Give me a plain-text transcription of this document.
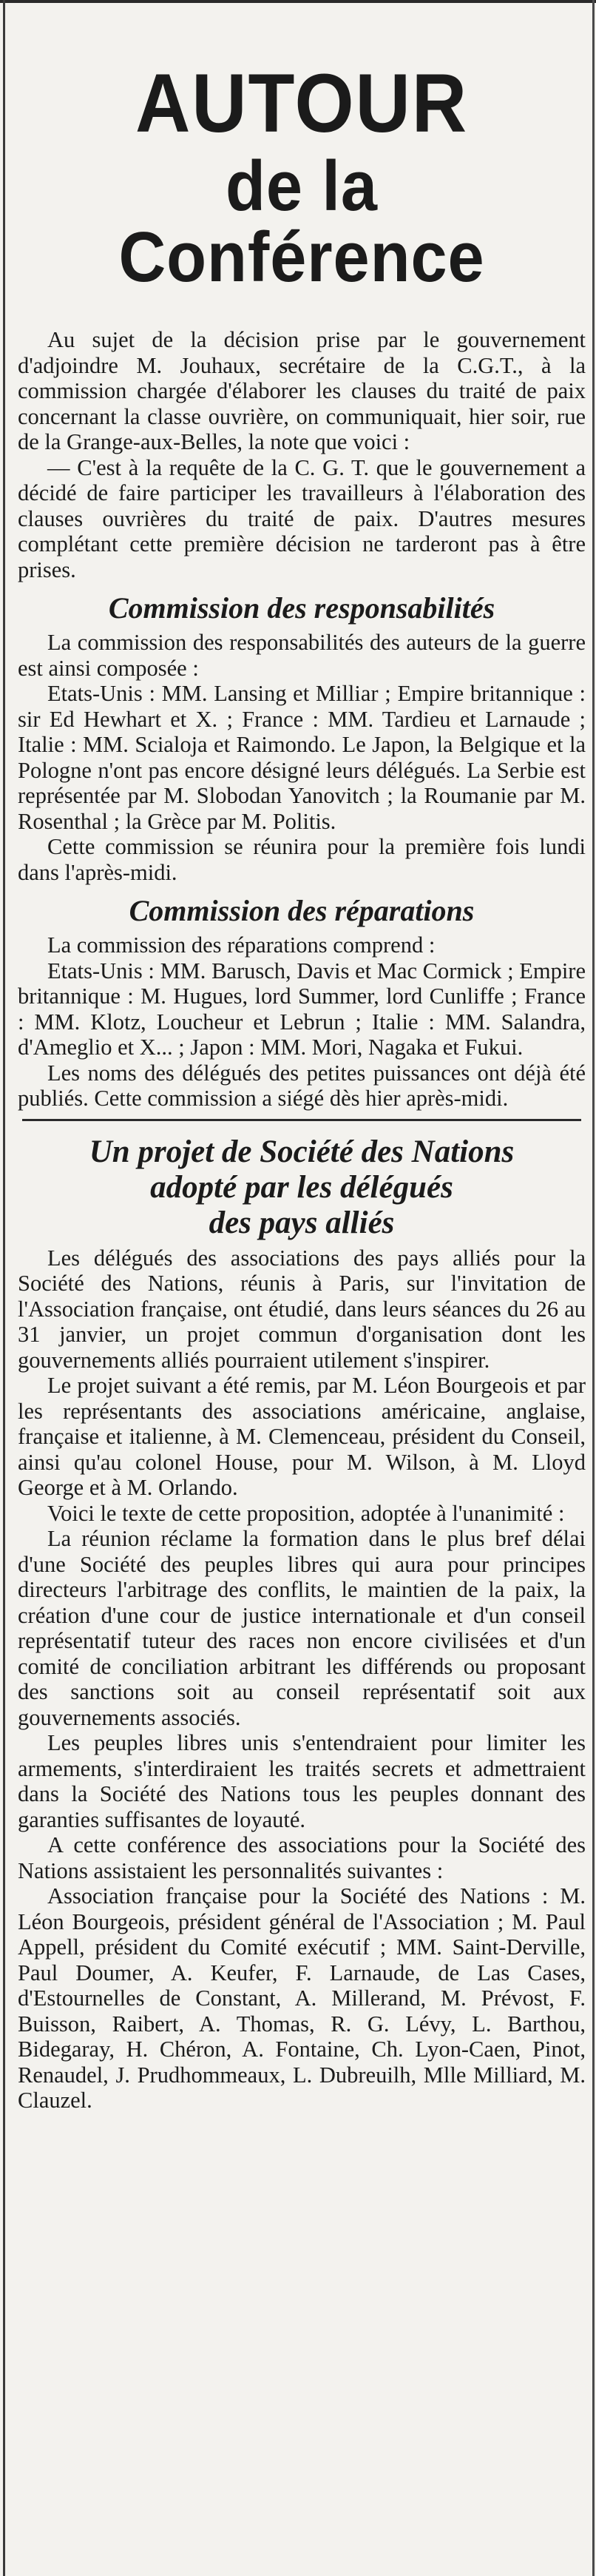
AUTOUR
de la Conférence

Au sujet de la décision prise par le gouvernement d'adjoindre M. Jouhaux, secrétaire de la C.G.T., à la commission chargée d'élaborer les clauses du traité de paix concernant la classe ouvrière, on communiquait, hier soir, rue de la Grange-aux-Belles, la note que voici :

— C'est à la requête de la C. G. T. que le gouvernement a décidé de faire participer les travailleurs à l'élaboration des clauses ouvrières du traité de paix. D'autres mesures complétant cette première décision ne tarderont pas à être prises.

Commission des responsabilités

La commission des responsabilités des auteurs de la guerre est ainsi composée :

Etats-Unis : MM. Lansing et Milliar ; Empire britannique : sir Ed Hewhart et X. ; France : MM. Tardieu et Larnaude ; Italie : MM. Scialoja et Raimondo. Le Japon, la Belgique et la Pologne n'ont pas encore désigné leurs délégués. La Serbie est représentée par M. Slobodan Yanovitch ; la Roumanie par M. Rosenthal ; la Grèce par M. Politis.

Cette commission se réunira pour la première fois lundi dans l'après-midi.

Commission des réparations

La commission des réparations comprend :

Etats-Unis : MM. Barusch, Davis et Mac Cormick ; Empire britannique : M. Hugues, lord Summer, lord Cunliffe ; France : MM. Klotz, Loucheur et Lebrun ; Italie : MM. Salandra, d'Ameglio et X... ; Japon : MM. Mori, Nagaka et Fukui.

Les noms des délégués des petites puissances ont déjà été publiés. Cette commission a siégé dès hier après-midi.

Un projet de Société des Nations
adopté par les délégués
des pays alliés

Les délégués des associations des pays alliés pour la Société des Nations, réunis à Paris, sur l'invitation de l'Association française, ont étudié, dans leurs séances du 26 au 31 janvier, un projet commun d'organisation dont les gouvernements alliés pourraient utilement s'inspirer.

Le projet suivant a été remis, par M. Léon Bourgeois et par les représentants des associations américaine, anglaise, française et italienne, à M. Clemenceau, président du Conseil, ainsi qu'au colonel House, pour M. Wilson, à M. Lloyd George et à M. Orlando.

Voici le texte de cette proposition, adoptée à l'unanimité :

La réunion réclame la formation dans le plus bref délai d'une Société des peuples libres qui aura pour principes directeurs l'arbitrage des conflits, le maintien de la paix, la création d'une cour de justice internationale et d'un conseil représentatif tuteur des races non encore civilisées et d'un comité de conciliation arbitrant les différends ou proposant des sanctions soit au conseil représentatif soit aux gouvernements associés.

Les peuples libres unis s'entendraient pour limiter les armements, s'interdiraient les traités secrets et admettraient dans la Société des Nations tous les peuples donnant des garanties suffisantes de loyauté.

A cette conférence des associations pour la Société des Nations assistaient les personnalités suivantes :

Association française pour la Société des Nations : M. Léon Bourgeois, président général de l'Association ; M. Paul Appell, président du Comité exécutif ; MM. Saint-Derville, Paul Doumer, A. Keufer, F. Larnaude, de Las Cases, d'Estournelles de Constant, A. Millerand, M. Prévost, F. Buisson, Raibert, A. Thomas, R. G. Lévy, L. Barthou, Bidegaray, H. Chéron, A. Fontaine, Ch. Lyon-Caen, Pinot, Renaudel, J. Prudhommeaux, L. Dubreuilh, Mlle Milliard, M. Clauzel.
